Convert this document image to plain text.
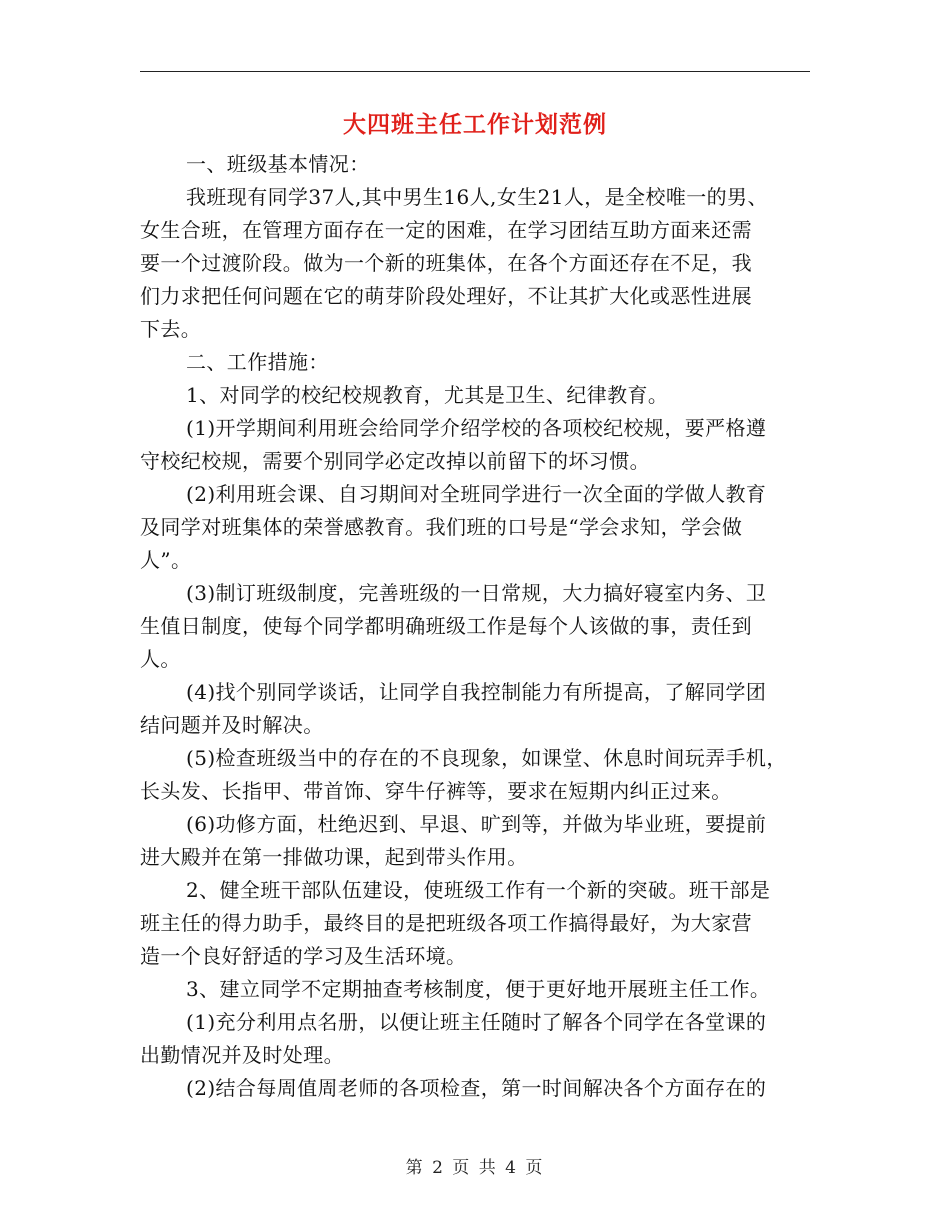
大四班主任工作计划范例

一、班级基本情况：

我班现有同学37人,其中男生16人,女生21人，是全校唯一的男、
女生合班，在管理方面存在一定的困难，在学习团结互助方面来还需
要一个过渡阶段。做为一个新的班集体，在各个方面还存在不足，我
们力求把任何问题在它的萌芽阶段处理好，不让其扩大化或恶性进展
下去。

二、工作措施：

1、对同学的校纪校规教育，尤其是卫生、纪律教育。

(1)开学期间利用班会给同学介绍学校的各项校纪校规，要严格遵
守校纪校规，需要个别同学必定改掉以前留下的坏习惯。

(2)利用班会课、自习期间对全班同学进行一次全面的学做人教育
及同学对班集体的荣誉感教育。我们班的口号是“学会求知，学会做
人”。

(3)制订班级制度，完善班级的一日常规，大力搞好寝室内务、卫
生值日制度，使每个同学都明确班级工作是每个人该做的事，责任到
人。

(4)找个别同学谈话，让同学自我控制能力有所提高，了解同学团
结问题并及时解决。

(5)检查班级当中的存在的不良现象，如课堂、休息时间玩弄手机，
长头发、长指甲、带首饰、穿牛仔裤等，要求在短期内纠正过来。

(6)功修方面，杜绝迟到、早退、旷到等，并做为毕业班，要提前
进大殿并在第一排做功课，起到带头作用。

2、健全班干部队伍建设，使班级工作有一个新的突破。班干部是
班主任的得力助手，最终目的是把班级各项工作搞得最好，为大家营
造一个良好舒适的学习及生活环境。

3、建立同学不定期抽查考核制度，便于更好地开展班主任工作。

(1)充分利用点名册，以便让班主任随时了解各个同学在各堂课的
出勤情况并及时处理。

(2)结合每周值周老师的各项检查，第一时间解决各个方面存在的

第 2 页 共 4 页
